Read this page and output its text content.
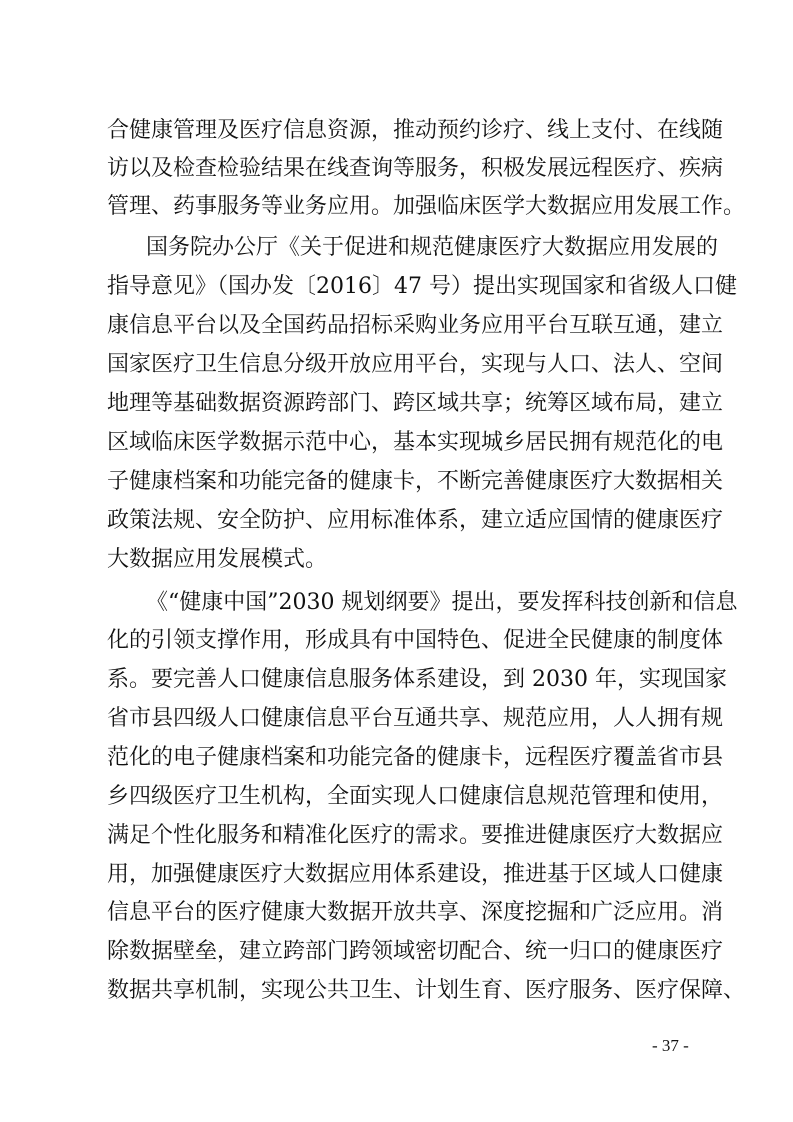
合健康管理及医疗信息资源，推动预约诊疗、线上支付、在线随
访以及检查检验结果在线查询等服务，积极发展远程医疗、疾病
管理、药事服务等业务应用。加强临床医学大数据应用发展工作。
国务院办公厅《关于促进和规范健康医疗大数据应用发展的
指导意见》（国办发〔2016〕47 号）提出实现国家和省级人口健
康信息平台以及全国药品招标采购业务应用平台互联互通，建立
国家医疗卫生信息分级开放应用平台，实现与人口、法人、空间
地理等基础数据资源跨部门、跨区域共享；统筹区域布局，建立
区域临床医学数据示范中心，基本实现城乡居民拥有规范化的电
子健康档案和功能完备的健康卡，不断完善健康医疗大数据相关
政策法规、安全防护、应用标准体系，建立适应国情的健康医疗
大数据应用发展模式。
《“健康中国”2030 规划纲要》提出，要发挥科技创新和信息
化的引领支撑作用，形成具有中国特色、促进全民健康的制度体
系。要完善人口健康信息服务体系建设，到 2030 年，实现国家
省市县四级人口健康信息平台互通共享、规范应用，人人拥有规
范化的电子健康档案和功能完备的健康卡，远程医疗覆盖省市县
乡四级医疗卫生机构，全面实现人口健康信息规范管理和使用，
满足个性化服务和精准化医疗的需求。要推进健康医疗大数据应
用，加强健康医疗大数据应用体系建设，推进基于区域人口健康
信息平台的医疗健康大数据开放共享、深度挖掘和广泛应用。消
除数据壁垒，建立跨部门跨领域密切配合、统一归口的健康医疗
数据共享机制，实现公共卫生、计划生育、医疗服务、医疗保障、
- 37 -
